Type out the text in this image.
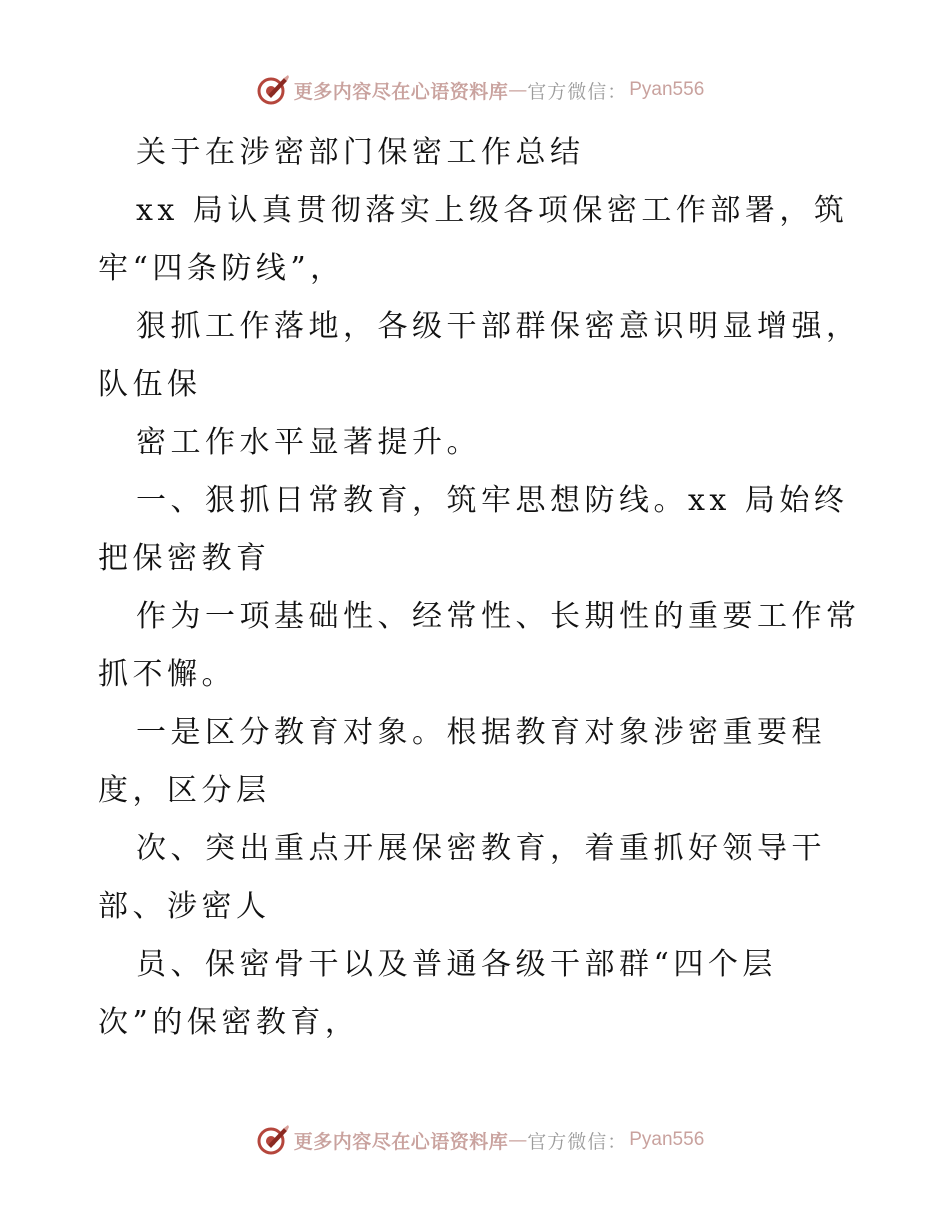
更多内容尽在心语资料库 — 官方微信： Pyan556
关于在涉密部门保密工作总结
xx 局认真贯彻落实上级各项保密工作部署，筑
牢“四条防线”，
狠抓工作落地，各级干部群保密意识明显增强，
队伍保
密工作水平显著提升。
一、狠抓日常教育，筑牢思想防线。xx 局始终
把保密教育
作为一项基础性、经常性、长期性的重要工作常
抓不懈。
一是区分教育对象。根据教育对象涉密重要程
度，区分层
次、突出重点开展保密教育，着重抓好领导干
部、涉密人
员、保密骨干以及普通各级干部群“四个层
次”的保密教育，
更多内容尽在心语资料库 — 官方微信： Pyan556
